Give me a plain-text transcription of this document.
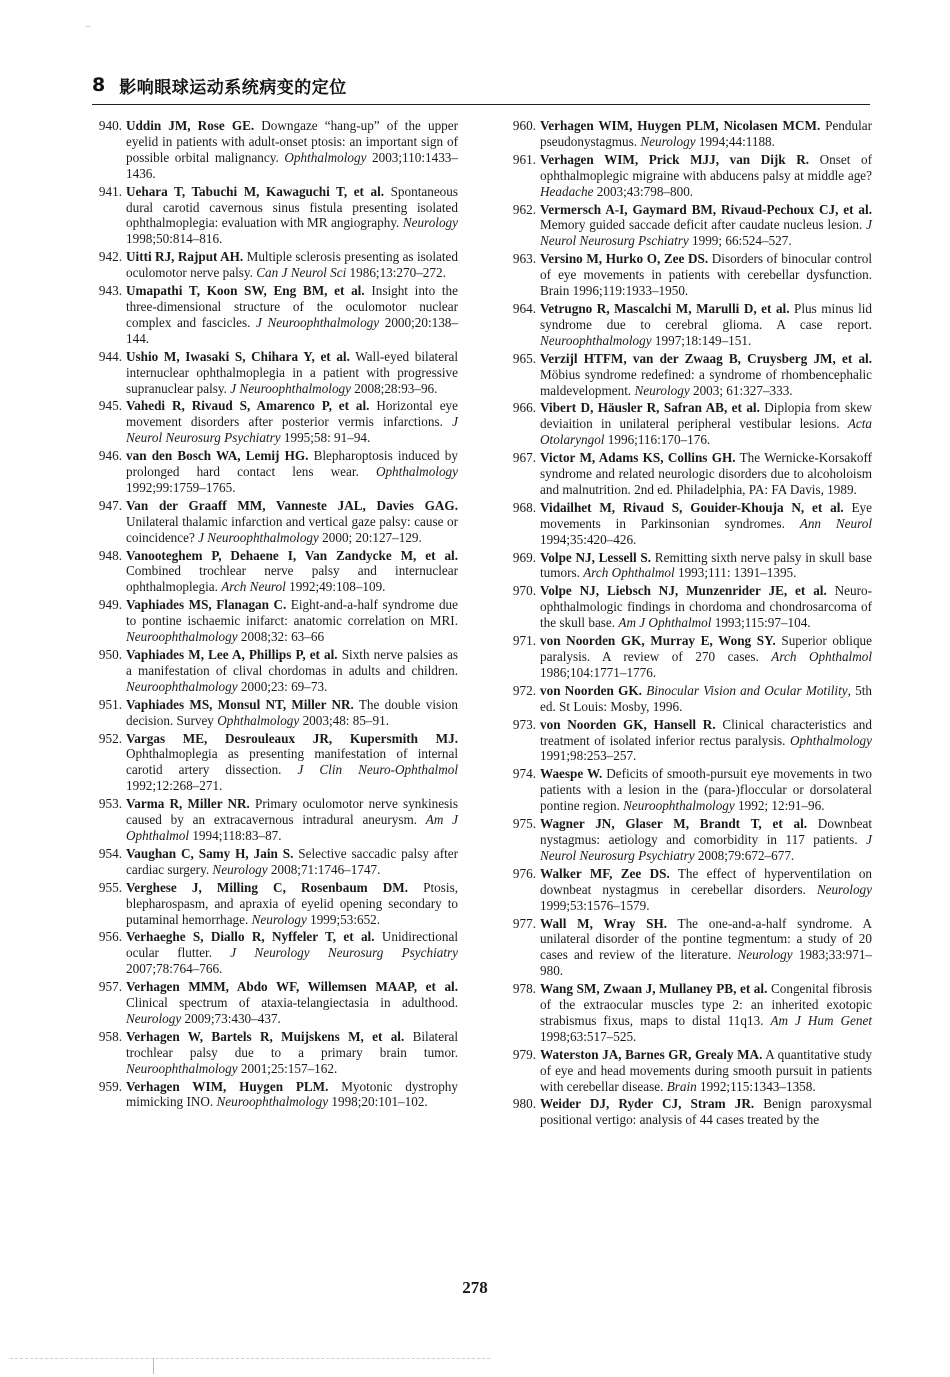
8 影响眼球运动系统病变的定位
940. Uddin JM, Rose GE. Downgaze “hang-up” of the upper eyelid in patients with adult-onset ptosis: an important sign of possible orbital malignancy. Ophthalmology 2003;110:1433–1436.
941. Uehara T, Tabuchi M, Kawaguchi T, et al. Spontaneous dural carotid cavernous sinus fistula presenting isolated ophthalmoplegia: evaluation with MR angiography. Neurology 1998;50:814–816.
942. Uitti RJ, Rajput AH. Multiple sclerosis presenting as isolated oculomotor nerve palsy. Can J Neurol Sci 1986;13:270–272.
943. Umapathi T, Koon SW, Eng BM, et al. Insight into the three-dimensional structure of the oculomotor nuclear complex and fascicles. J Neuroophthalmology 2000;20:138–144.
944. Ushio M, Iwasaki S, Chihara Y, et al. Wall-eyed bilateral internuclear ophthalmoplegia in a patient with progressive supranuclear palsy. J Neuroophthalmology 2008;28:93–96.
945. Vahedi R, Rivaud S, Amarenco P, et al. Horizontal eye movement disorders after posterior vermis infarctions. J Neurol Neurosurg Psychiatry 1995;58: 91–94.
946. van den Bosch WA, Lemij HG. Blepharoptosis induced by prolonged hard contact lens wear. Ophthalmology 1992;99:1759–1765.
947. Van der Graaff MM, Vanneste JAL, Davies GAG. Unilateral thalamic infarction and vertical gaze palsy: cause or coincidence? J Neuroophthalmology 2000; 20:127–129.
948. Vanooteghem P, Dehaene I, Van Zandycke M, et al. Combined trochlear nerve palsy and internuclear ophthalmoplegia. Arch Neurol 1992;49:108–109.
949. Vaphiades MS, Flanagan C. Eight-and-a-half syndrome due to pontine ischaemic inifarct: anatomic correlation on MRI. Neuroophthalmology 2008;32: 63–66
950. Vaphiades M, Lee A, Phillips P, et al. Sixth nerve palsies as a manifestation of clival chordomas in adults and children. Neuroophthalmology 2000;23: 69–73.
951. Vaphiades MS, Monsul NT, Miller NR. The double vision decision. Survey Ophthalmology 2003;48: 85–91.
952. Vargas ME, Desrouleaux JR, Kupersmith MJ. Ophthalmoplegia as presenting manifestation of internal carotid artery dissection. J Clin Neuro-Ophthalmol 1992;12:268–271.
953. Varma R, Miller NR. Primary oculomotor nerve synkinesis caused by an extracavernous intradural aneurysm. Am J Ophthalmol 1994;118:83–87.
954. Vaughan C, Samy H, Jain S. Selective saccadic palsy after cardiac surgery. Neurology 2008;71:1746–1747.
955. Verghese J, Milling C, Rosenbaum DM. Ptosis, blepharospasm, and apraxia of eyelid opening secondary to putaminal hemorrhage. Neurology 1999;53:652.
956. Verhaeghe S, Diallo R, Nyffeler T, et al. Unidirectional ocular flutter. J Neurology Neurosurg Psychiatry 2007;78:764–766.
957. Verhagen MMM, Abdo WF, Willemsen MAAP, et al. Clinical spectrum of ataxia-telangiectasia in adulthood. Neurology 2009;73:430–437.
958. Verhagen W, Bartels R, Muijskens M, et al. Bilateral trochlear palsy due to a primary brain tumor. Neuroophthalmology 2001;25:157–162.
959. Verhagen WIM, Huygen PLM. Myotonic dystrophy mimicking INO. Neuroophthalmology 1998;20:101–102.
960. Verhagen WIM, Huygen PLM, Nicolasen MCM. Pendular pseudonystagmus. Neurology 1994;44:1188.
961. Verhagen WIM, Prick MJJ, van Dijk R. Onset of ophthalmoplegic migraine with abducens palsy at middle age? Headache 2003;43:798–800.
962. Vermersch A-I, Gaymard BM, Rivaud-Pechoux CJ, et al. Memory guided saccade deficit after caudate nucleus lesion. J Neurol Neurosurg Pschiatry 1999; 66:524–527.
963. Versino M, Hurko O, Zee DS. Disorders of binocular control of eye movements in patients with cerebellar dysfunction. Brain 1996;119:1933–1950.
964. Vetrugno R, Mascalchi M, Marulli D, et al. Plus minus lid syndrome due to cerebral glioma. A case report. Neuroophthalmology 1997;18:149–151.
965. Verzijl HTFM, van der Zwaag B, Cruysberg JM, et al. Möbius syndrome redefined: a syndrome of rhombencephalic maldevelopment. Neurology 2003; 61:327–333.
966. Vibert D, Häusler R, Safran AB, et al. Diplopia from skew deviaition in unilateral peripheral vestibular lesions. Acta Otolaryngol 1996;116:170–176.
967. Victor M, Adams KS, Collins GH. The Wernicke-Korsakoff syndrome and related neurologic disorders due to alcoholoism and malnutrition. 2nd ed. Philadelphia, PA: FA Davis, 1989.
968. Vidailhet M, Rivaud S, Gouider-Khouja N, et al. Eye movements in Parkinsonian syndromes. Ann Neurol 1994;35:420–426.
969. Volpe NJ, Lessell S. Remitting sixth nerve palsy in skull base tumors. Arch Ophthalmol 1993;111: 1391–1395.
970. Volpe NJ, Liebsch NJ, Munzenrider JE, et al. Neuro-ophthalmologic findings in chordoma and chondrosarcoma of the skull base. Am J Ophthalmol 1993;115:97–104.
971. von Noorden GK, Murray E, Wong SY. Superior oblique paralysis. A review of 270 cases. Arch Ophthalmol 1986;104:1771–1776.
972. von Noorden GK. Binocular Vision and Ocular Motility, 5th ed. St Louis: Mosby, 1996.
973. von Noorden GK, Hansell R. Clinical characteristics and treatment of isolated inferior rectus paralysis. Ophthalmology 1991;98:253–257.
974. Waespe W. Deficits of smooth-pursuit eye movements in two patients with a lesion in the (para-)floccular or dorsolateral pontine region. Neuroophthalmology 1992; 12:91–96.
975. Wagner JN, Glaser M, Brandt T, et al. Downbeat nystagmus: aetiology and comorbidity in 117 patients. J Neurol Neurosurg Psychiatry 2008;79:672–677.
976. Walker MF, Zee DS. The effect of hyperventilation on downbeat nystagmus in cerebellar disorders. Neurology 1999;53:1576–1579.
977. Wall M, Wray SH. The one-and-a-half syndrome. A unilateral disorder of the pontine tegmentum: a study of 20 cases and review of the literature. Neurology 1983;33:971–980.
978. Wang SM, Zwaan J, Mullaney PB, et al. Congenital fibrosis of the extraocular muscles type 2: an inherited exotopic strabismus fixus, maps to distal 11q13. Am J Hum Genet 1998;63:517–525.
979. Waterston JA, Barnes GR, Grealy MA. A quantitative study of eye and head movements during smooth pursuit in patients with cerebellar disease. Brain 1992;115:1343–1358.
980. Weider DJ, Ryder CJ, Stram JR. Benign paroxysmal positional vertigo: analysis of 44 cases treated by the
278
